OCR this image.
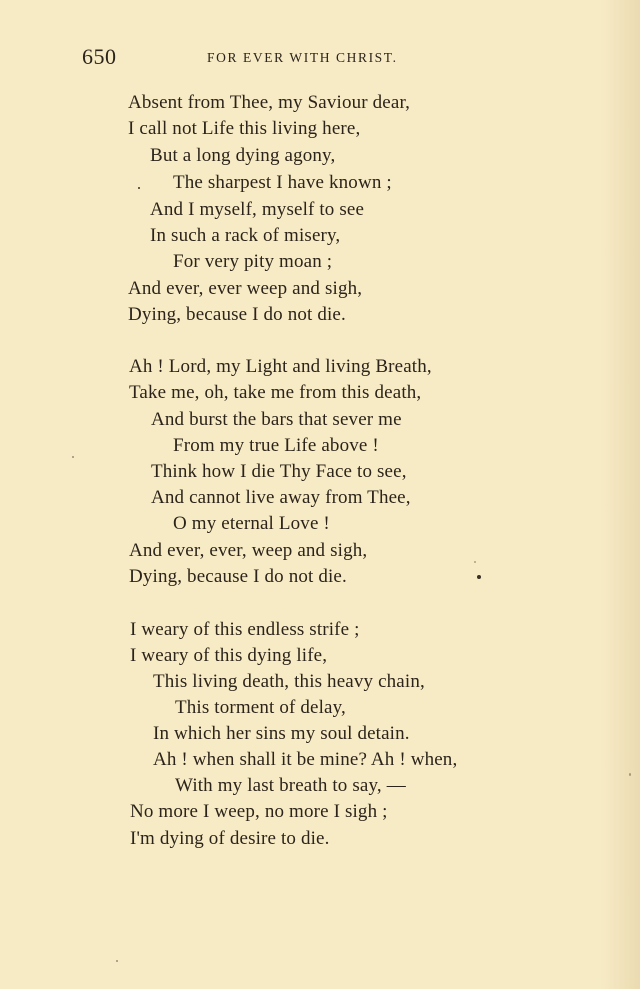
650	FOR EVER WITH CHRIST.
Absent from Thee, my Saviour dear,
I call not Life this living here,
But a long dying agony,
The sharpest I have known ;
And I myself, myself to see
In such a rack of misery,
For very pity moan ;
And ever, ever weep and sigh,
Dying, because I do not die.
Ah ! Lord, my Light and living Breath,
Take me, oh, take me from this death,
And burst the bars that sever me
From my true Life above !
Think how I die Thy Face to see,
And cannot live away from Thee,
O my eternal Love !
And ever, ever, weep and sigh,
Dying, because I do not die.
I weary of this endless strife ;
I weary of this dying life,
This living death, this heavy chain,
This torment of delay,
In which her sins my soul detain.
Ah ! when shall it be mine? Ah ! when,
With my last breath to say, —
No more I weep, no more I sigh ;
I'm dying of desire to die.
